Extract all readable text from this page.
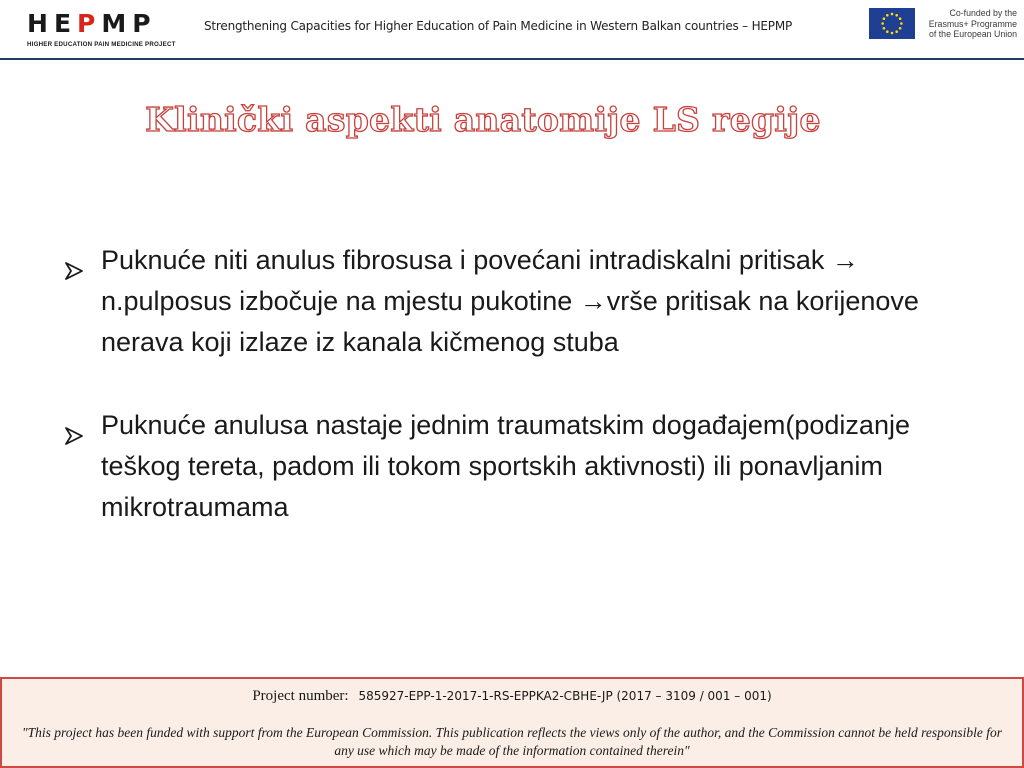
HEPMP
HIGHER EDUCATION PAIN MEDICINE PROJECT
Strengthening Capacities for Higher Education of Pain Medicine in Western Balkan countries – HEPMP
Co-funded by the
Erasmus+ Programme
of the European Union
Klinički aspekti anatomije LS regije
Puknuće niti anulus fibrosusa i povećani intradiskalni pritisak → n.pulposus izbočuje na mjestu pukotine →vrše pritisak na korijenove nerava koji izlaze iz kanala kičmenog stuba
Puknuće anulusa nastaje jednim traumatskim događajem(podizanje teškog tereta, padom ili tokom sportskih aktivnosti) ili ponavljanim mikrotraumama
Project number: 585927-EPP-1-2017-1-RS-EPPKA2-CBHE-JP (2017 – 3109 / 001 – 001)
"This project has been funded with support from the European Commission. This publication reflects the views only of the author, and the Commission cannot be held responsible for any use which may be made of the information contained therein"
